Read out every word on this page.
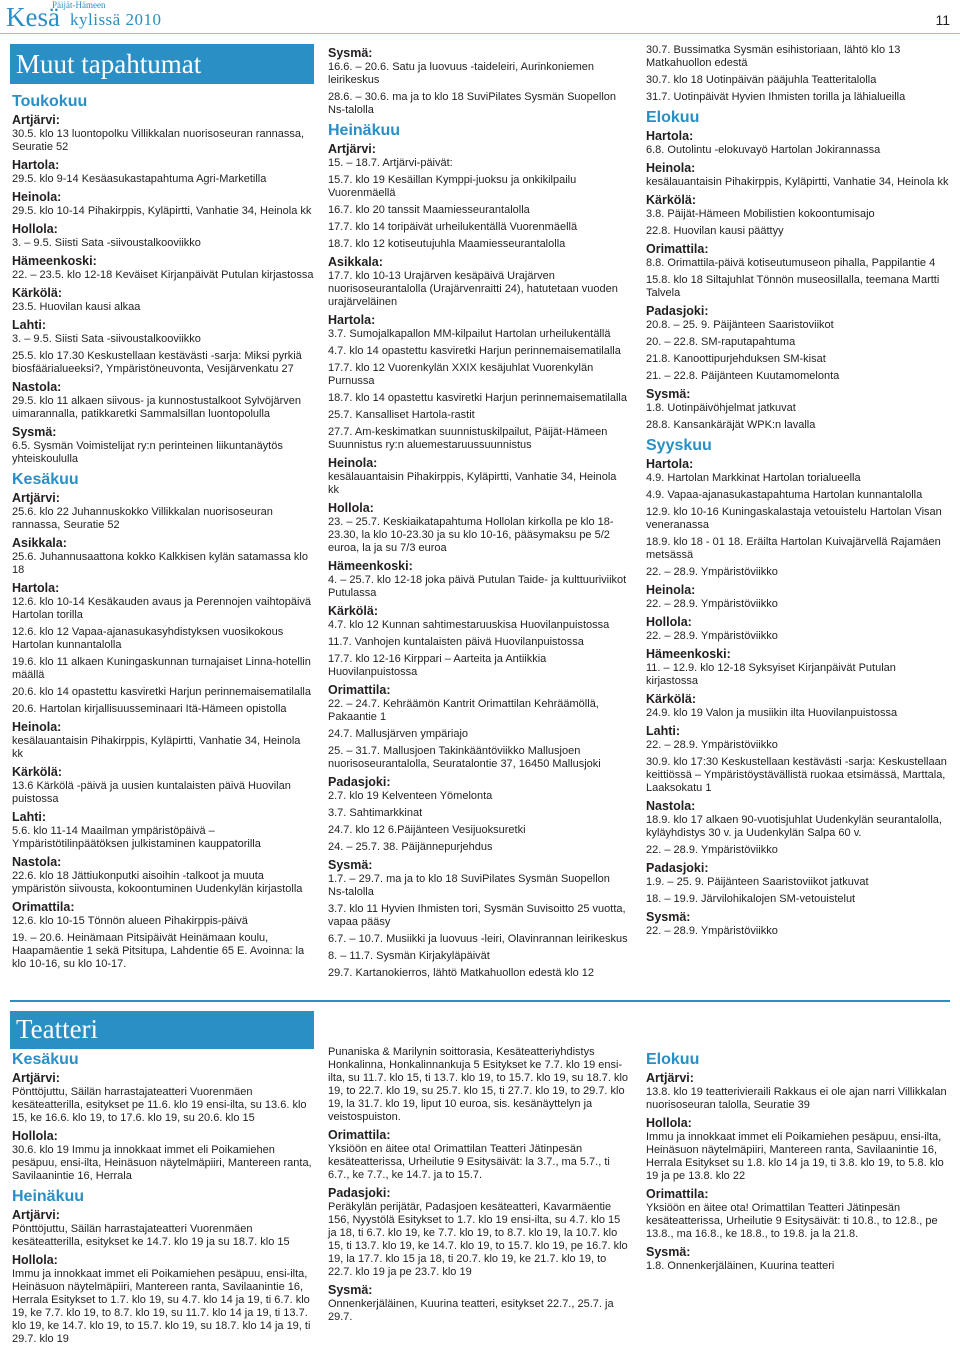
Päijät-Hämeen
Kesä kylissä 2010	11
Muut tapahtumat
Toukokuu
Artjärvi:

30.5. klo 13 luontopolku Villikkalan nuorisoseuran rannassa, Seuratie 52

Hartola:

29.5. klo 9-14 Kesäasukastapahtuma Agri-Marketilla

Heinola:

29.5. klo 10-14 Pihakirppis, Kyläpirtti, Vanhatie 34, Heinola kk

Hollola:

3. – 9.5. Siisti Sata -siivoustalkooviikko

Hämeenkoski:

22. – 23.5. klo 12-18 Keväiset Kirjanpäivät Putulan kirjastossa

Kärkölä:

23.5. Huovilan kausi alkaa

Lahti:

3. – 9.5. Siisti Sata -siivoustalkooviikko

25.5. klo 17.30 Keskustellaan kestävästi -sarja: Miksi pyrkiä biosfäärialueeksi?, Ympäristöneuvonta, Vesijärvenkatu 27

Nastola:

29.5. klo 11 alkaen siivous- ja kunnostustalkoot Sylvöjärven uimarannalla, patikkaretki Sammalsillan luontopolulla

Sysmä:

6.5. Sysmän Voimistelijat ry:n perinteinen liikuntanäytös yhteiskoululla

Kesäkuu
Artjärvi:

25.6. klo 22 Juhannuskokko Villikkalan nuorisoseuran rannassa, Seuratie 52

Asikkala:

25.6. Juhannusaattona kokko Kalkkisen kylän satamassa klo 18

Hartola:

12.6. klo 10-14 Kesäkauden avaus ja Perennojen vaihtopäivä Hartolan torilla

12.6. klo 12 Vapaa-ajanasukasyhdistyksen vuosikokous Hartolan kunnantalolla

19.6. klo 11 alkaen Kuningaskunnan turnajaiset Linna-hotellin määllä

20.6. klo 14 opastettu kasviretki Harjun perinnemaisematilalla

20.6. Hartolan kirjallisuusseminaari Itä-Hämeen opistolla

Heinola:

kesälauantaisin Pihakirppis, Kyläpirtti, Vanhatie 34, Heinola kk

Kärkölä:

13.6 Kärkölä -päivä ja uusien kuntalaisten päivä Huovilan puistossa

Lahti:

5.6. klo 11-14 Maailman ympäristöpäivä – Ympäristötilinpäätöksen julkistaminen kauppatorilla

Nastola:

22.6. klo 18 Jättiukonputki aisoihin -talkoot ja muuta ympäristön siivousta, kokoontuminen Uudenkylän kirjastolla

Orimattila:

12.6. klo 10-15 Tönnön alueen Pihakirppis-päivä

19. – 20.6. Heinämaan Pitsipäivät Heinämaan koulu, Haapamäentie 1 sekä Pitsitupa, Lahdentie 65 E. Avoinna: la klo 10-16, su klo 10-17.

Sysmä:

16.6. – 20.6. Satu ja luovuus -taideleiri, Aurinkoniemen leirikeskus

28.6. – 30.6. ma ja to klo 18 SuviPilates Sysmän Suopellon Ns-talolla

Heinäkuu
Artjärvi:

15. – 18.7. Artjärvi-päivät:

15.7. klo 19 Kesäillan Kymppi-juoksu ja onkikilpailu Vuorenmäellä

16.7. klo 20 tanssit Maamiesseurantalolla

17.7. klo 14 toripäivät urheilukentällä Vuorenmäellä

18.7. klo 12 kotiseutujuhla Maamiesseurantalolla

Asikkala:

17.7. klo 10-13 Urajärven kesäpäivä Urajärven nuorisoseurantalolla (Urajärvenraitti 24), hatutetaan vuoden urajärveläinen

Hartola:

3.7. Sumojalkapallon MM-kilpailut Hartolan urheilukentällä

4.7. klo 14 opastettu kasviretki Harjun perinnemaisematilalla

17.7. klo 12 Vuorenkylän XXIX kesäjuhlat Vuorenkylän Purnussa

18.7. klo 14 opastettu kasviretki Harjun perinnemaisematilalla

25.7. Kansalliset Hartola-rastit

27.7. Am-keskimatkan suunnistuskilpailut, Päijät-Hämeen Suunnistus ry:n aluemestaruussuunnistus

Heinola:

kesälauantaisin Pihakirppis, Kyläpirtti, Vanhatie 34, Heinola kk

Hollola:

23. – 25.7. Keskiaikatapahtuma Hollolan kirkolla pe klo 18-23.30, la klo 10-23.30 ja su klo 10-16, pääsymaksu pe 5/2 euroa, la ja su 7/3 euroa

Hämeenkoski:

4. – 25.7. klo 12-18 joka päivä Putulan Taide- ja kulttuuriviikot Putulassa

Kärkölä:

4.7. klo 12 Kunnan sahtimestaruuskisa Huovilanpuistossa

11.7. Vanhojen kuntalaisten päivä Huovilanpuistossa

17.7. klo 12-16 Kirppari – Aarteita ja Antiikkia Huovilanpuistossa

Orimattila:

22. – 24.7. Kehräämön Kantrit Orimattilan Kehräämöllä, Pakaantie 1

24.7. Mallusjärven ympäriajo

25. – 31.7. Mallusjoen Takinkääntöviikko Mallusjoen nuorisoseurantalolla, Seuratalontie 37, 16450 Mallusjoki

Padasjoki:

2.7. klo 19 Kelventeen Yömelonta

3.7. Sahtimarkkinat

24.7. klo 12 6.Päijänteen Vesijuoksuretki

24. – 25.7. 38. Päijännepurjehdus

Sysmä:

1.7. – 29.7. ma ja to klo 18 SuviPilates Sysmän Suopellon Ns-talolla

3.7. klo 11 Hyvien Ihmisten tori, Sysmän Suvisoitto 25 vuotta, vapaa pääsy

6.7. – 10.7. Musiikki ja luovuus -leiri, Olavinrannan leirikeskus

8. – 11.7. Sysmän Kirjakyläpäivät

29.7. Kartanokierros, lähtö Matkahuollon edestä klo 12

30.7. Bussimatka Sysmän esihistoriaan, lähtö klo 13 Matkahuollon edestä

30.7. klo 18 Uotinpäivän pääjuhla Teatteritalolla

31.7. Uotinpäivät Hyvien Ihmisten torilla ja lähialueilla

Elokuu
Hartola:

6.8. Outolintu -elokuvayö Hartolan Jokirannassa

Heinola:

kesälauantaisin Pihakirppis, Kyläpirtti, Vanhatie 34, Heinola kk

Kärkölä:

3.8. Päijät-Hämeen Mobilistien kokoontumisajo

22.8. Huovilan kausi päättyy

Orimattila:

8.8. Orimattila-päivä kotiseutumuseon pihalla, Pappilantie 4

15.8. klo 18 Siltajuhlat Tönnön museosillalla, teemana Martti Talvela

Padasjoki:

20.8. – 25. 9. Päijänteen Saaristoviikot

20. – 22.8. SM-raputapahtuma

21.8. Kanoottipurjehduksen SM-kisat

21. – 22.8. Päijänteen Kuutamomelonta

Sysmä:

1.8. Uotinpäivöhjelmat jatkuvat

28.8. Kansankäräjät WPK:n lavalla

Syyskuu
Hartola:

4.9. Hartolan Markkinat Hartolan torialueella

4.9. Vapaa-ajanasukastapahtuma Hartolan kunnantalolla

12.9. klo 10-16 Kuningaskalastaja vetouistelu Hartolan Visan veneranassa

18.9. klo 18 - 01 18. Eräilta Hartolan Kuivajärvellä Rajamäen metsässä

22. – 28.9. Ympäristöviikko

Heinola:

22. – 28.9. Ympäristöviikko

Hollola:

22. – 28.9. Ympäristöviikko

Hämeenkoski:

11. – 12.9. klo 12-18 Syksyiset Kirjanpäivät Putulan kirjastossa

Kärkölä:

24.9. klo 19 Valon ja musiikin ilta Huovilanpuistossa

Lahti:

22. – 28.9. Ympäristöviikko

30.9. klo 17:30 Keskustellaan kestävästi -sarja: Keskustellaan keittiössä – Ympäristöystävällistä ruokaa etsimässä, Marttala, Laaksokatu 1

Nastola:

18.9. klo 17 alkaen 90-vuotisjuhlat Uudenkylän seurantalolla, kyläyhdistys 30 v. ja Uudenkylän Salpa 60 v.

22. – 28.9. Ympäristöviikko

Padasjoki:

1.9. – 25. 9. Päijänteen Saaristoviikot jatkuvat

18. – 19.9. Järvilohikalojen SM-vetouistelut

Sysmä:

22. – 28.9. Ympäristöviikko

Teatteri
Kesäkuu
Artjärvi:

Pönttöjuttu, Säilän harrastajateatteri Vuorenmäen kesäteatterilla, esitykset pe 11.6. klo 19 ensi-ilta, su 13.6. klo 15, ke 16.6. klo 19, to 17.6. klo 19, su 20.6. klo 15

Hollola:

30.6. klo 19 Immu ja innokkaat immet eli Poikamiehen pesäpuu, ensi-ilta, Heinäsuon näytelmäpiiri, Mantereen ranta, Savilaanintie 16, Herrala

Heinäkuu
Artjärvi:

Pönttöjuttu, Säilän harrastajateatteri Vuorenmäen kesäteatterilla, esitykset ke 14.7. klo 19 ja su 18.7. klo 15

Hollola:

Immu ja innokkaat immet eli Poikamiehen pesäpuu, ensi-ilta, Heinäsuon näytelmäpiiri, Mantereen ranta, Savilaanintie 16, Herrala Esitykset to 1.7. klo 19, su 4.7. klo 14 ja 19, ti 6.7. klo 19, ke 7.7. klo 19, to 8.7. klo 19, su 11.7. klo 14 ja 19, ti 13.7. klo 19, ke 14.7. klo 19, to 15.7. klo 19, su 18.7. klo 14 ja 19, ti 29.7. klo 19

Punaniska & Marilynin soittorasia, Kesäteatteriyhdistys Honkalinna, Honkalinnankuja 5 Esitykset ke 7.7. klo 19 ensi-ilta, su 11.7. klo 15, ti 13.7. klo 19, to 15.7. klo 19, su 18.7. klo 19, to 22.7. klo 19, su 25.7. klo 15, ti 27.7. klo 19, to 29.7. klo 19, la 31.7. klo 19, liput 10 euroa, sis. kesänäyttelyn ja veistospuiston.

Orimattila:

Yksiöön en äitee ota! Orimattilan Teatteri Jätinpesän kesäteatterissa, Urheilutie 9 Esitysäivät: la 3.7., ma 5.7., ti 6.7., ke 7.7., ke 14.7. ja to 15.7.

Padasjoki:

Peräkylän perijätär, Padasjoen kesäteatteri, Kavarmäentie 156, Nyystölä Esitykset to 1.7. klo 19 ensi-ilta, su 4.7. klo 15 ja 18, ti 6.7. klo 19, ke 7.7. klo 19, to 8.7. klo 19, la 10.7. klo 15, ti 13.7. klo 19, ke 14.7. klo 19, to 15.7. klo 19, pe 16.7. klo 19, la 17.7. klo 15 ja 18, ti 20.7. klo 19, ke 21.7. klo 19, to 22.7. klo 19 ja pe 23.7. klo 19

Sysmä:

Onnenkerjäläinen, Kuurina teatteri, esitykset 22.7., 25.7. ja 29.7.

Elokuu
Artjärvi:

13.8. klo 19 teatterivieraili Rakkaus ei ole ajan narri Villikkalan nuorisoseuran talolla, Seuratie 39

Hollola:

Immu ja innokkaat immet eli Poikamiehen pesäpuu, ensi-ilta, Heinäsuon näytelmäpiiri, Mantereen ranta, Savilaanintie 16, Herrala Esitykset su 1.8. klo 14 ja 19, ti 3.8. klo 19, to 5.8. klo 19 ja pe 13.8. klo 22

Orimattila:

Yksiöön en äitee ota! Orimattilan Teatteri Jätinpesän kesäteatterissa, Urheilutie 9 Esitysäivät: ti 10.8., to 12.8., pe 13.8., ma 16.8., ke 18.8., to 19.8. ja la 21.8.

Sysmä:

1.8. Onnenkerjäläinen, Kuurina teatteri
